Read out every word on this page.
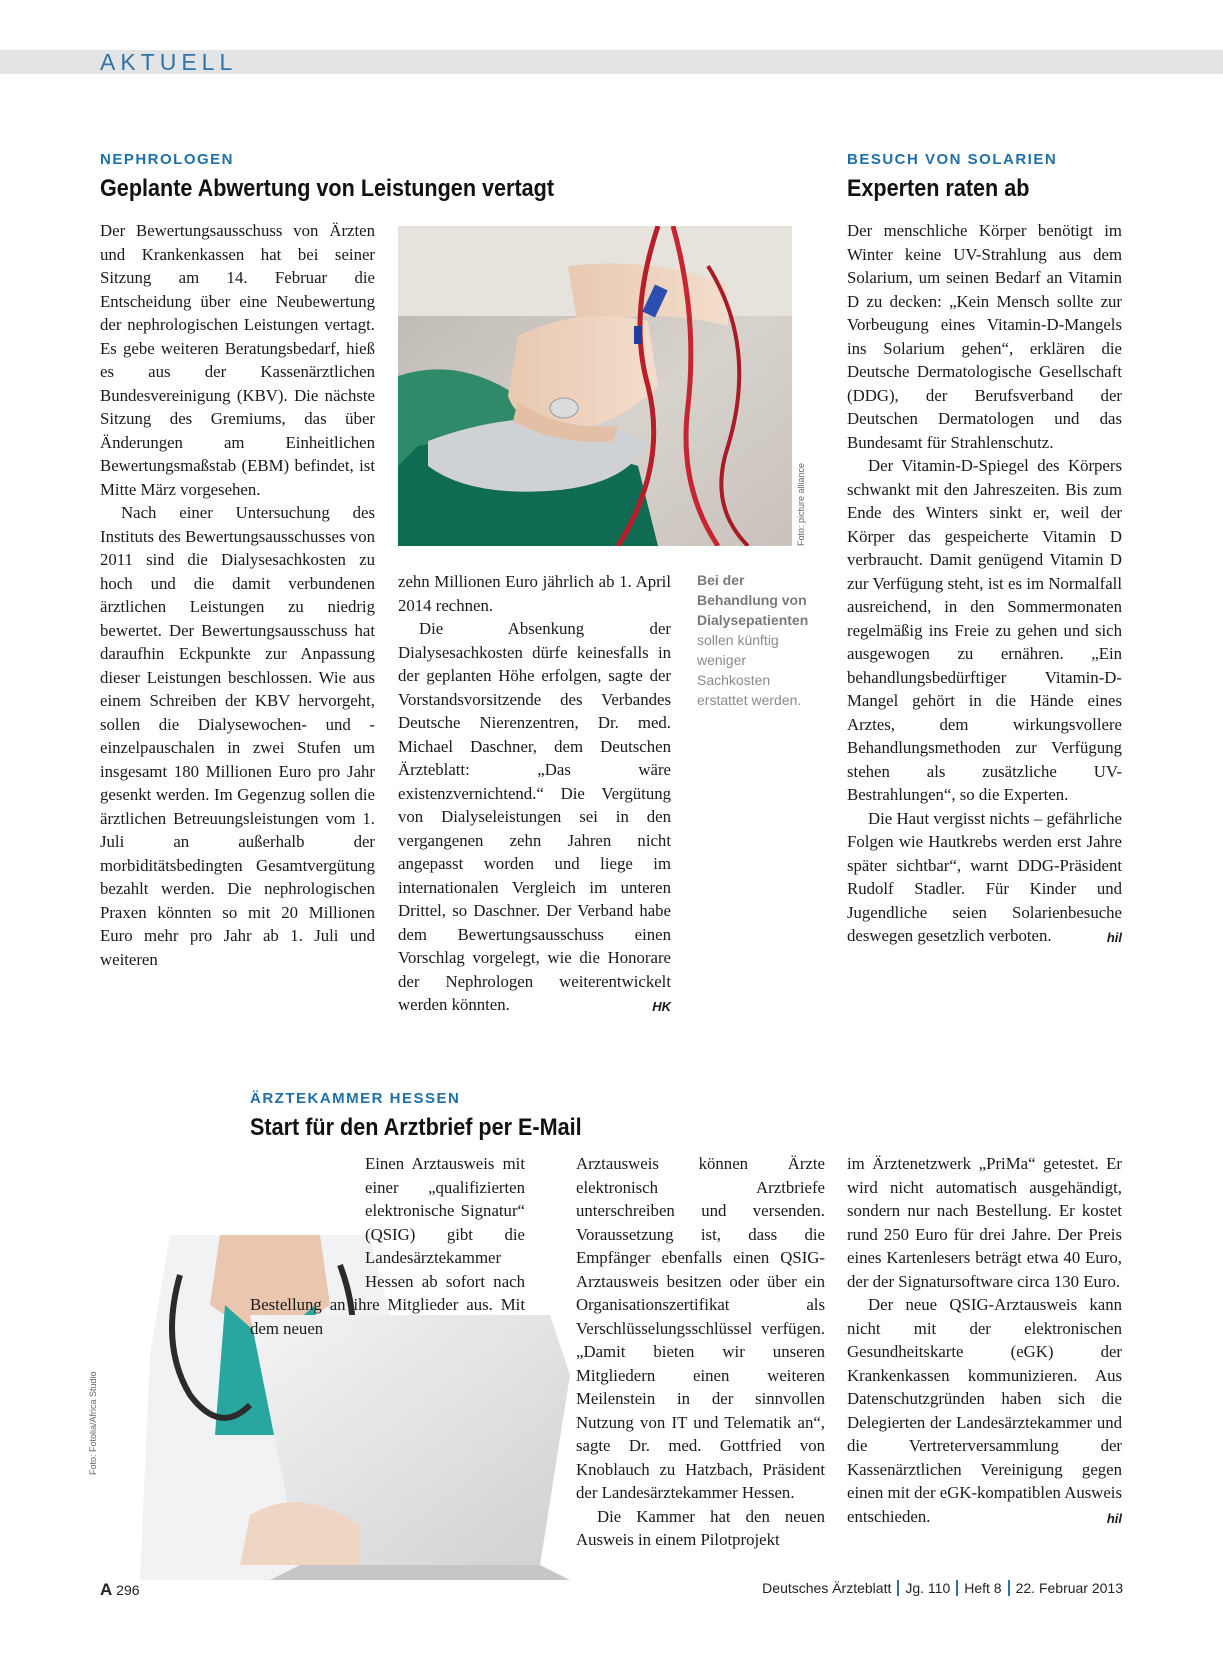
AKTUELL
NEPHROLOGEN
Geplante Abwertung von Leistungen vertagt

Der Bewertungsausschuss von Ärzten und Krankenkassen hat bei seiner Sitzung am 14. Februar die Entscheidung über eine Neubewertung der nephrologischen Leistungen vertagt. Es gebe weiteren Beratungsbedarf, hieß es aus der Kassenärztlichen Bundesvereinigung (KBV). Die nächste Sitzung des Gremiums, das über Änderungen am Einheitlichen Bewertungsmaßstab (EBM) befindet, ist Mitte März vorgesehen.

Nach einer Untersuchung des Instituts des Bewertungsausschusses von 2011 sind die Dialysesachkosten zu hoch und die damit verbundenen ärztlichen Leistungen zu niedrig bewertet. Der Bewertungsausschuss hat daraufhin Eckpunkte zur Anpassung dieser Leistungen beschlossen. Wie aus einem Schreiben der KBV hervorgeht, sollen die Dialysewochen- und -einzelpauschalen in zwei Stufen um insgesamt 180 Millionen Euro pro Jahr gesenkt werden. Im Gegenzug sollen die ärztlichen Betreuungsleistungen vom 1. Juli an außerhalb der morbiditätsbedingten Gesamtvergütung bezahlt werden. Die nephrologischen Praxen könnten so mit 20 Millionen Euro mehr pro Jahr ab 1. Juli und weiteren

Foto: picture alliance

zehn Millionen Euro jährlich ab 1. April 2014 rechnen.

Die Absenkung der Dialysesachkosten dürfe keinesfalls in der geplanten Höhe erfolgen, sagte der Vorstandsvorsitzende des Verbandes Deutsche Nierenzentren, Dr. med. Michael Daschner, dem Deutschen Ärzteblatt: „Das wäre existenzvernichtend.“ Die Vergütung von Dialyseleistungen sei in den vergangenen zehn Jahren nicht angepasst worden und liege im internationalen Vergleich im unteren Drittel, so Daschner. Der Verband habe dem Bewertungsausschuss einen Vorschlag vorgelegt, wie die Honorare der Nephrologen weiterentwickelt werden könnten.	HK

Bei der Behandlung von Dialysepatienten sollen künftig weniger Sachkosten erstattet werden.
BESUCH VON SOLARIEN
Experten raten ab

Der menschliche Körper benötigt im Winter keine UV-Strahlung aus dem Solarium, um seinen Bedarf an Vitamin D zu decken: „Kein Mensch sollte zur Vorbeugung eines Vitamin-D-Mangels ins Solarium gehen“, erklären die Deutsche Dermatologische Gesellschaft (DDG), der Berufsverband der Deutschen Dermatologen und das Bundesamt für Strahlenschutz.

Der Vitamin-D-Spiegel des Körpers schwankt mit den Jahreszeiten. Bis zum Ende des Winters sinkt er, weil der Körper das gespeicherte Vitamin D verbraucht. Damit genügend Vitamin D zur Verfügung steht, ist es im Normalfall ausreichend, in den Sommermonaten regelmäßig ins Freie zu gehen und sich ausgewogen zu ernähren. „Ein behandlungsbedürftiger Vitamin-D-Mangel gehört in die Hände eines Arztes, dem wirkungsvollere Behandlungsmethoden zur Verfügung stehen als zusätzliche UV-Bestrahlungen“, so die Experten.

Die Haut vergisst nichts – gefährliche Folgen wie Hautkrebs werden erst Jahre später sichtbar“, warnt DDG-Präsident Rudolf Stadler. Für Kinder und Jugendliche seien Solarienbesuche deswegen gesetzlich verboten.	hil

ÄRZTEKAMMER HESSEN
Start für den Arztbrief per E-Mail
Foto: Fotolia/Africa Studio

Einen Arztausweis mit einer „qualifizierten elektronische Signatur“ (QSIG) gibt die Landesärztekammer Hessen ab sofort nach Bestellung an ihre Mitglieder aus. Mit dem neuen

Arztausweis können Ärzte elektronisch Arztbriefe unterschreiben und versenden. Voraussetzung ist, dass die Empfänger ebenfalls einen QSIG-Arztausweis besitzen oder über ein Organisationszertifikat als Verschlüsselungsschlüssel verfügen. „Damit bieten wir unseren Mitgliedern einen weiteren Meilenstein in der sinnvollen Nutzung von IT und Telematik an“, sagte Dr. med. Gottfried von Knoblauch zu Hatzbach, Präsident der Landesärztekammer Hessen.

Die Kammer hat den neuen Ausweis in einem Pilotprojekt

im Ärztenetzwerk „PriMa“ getestet. Er wird nicht automatisch ausgehändigt, sondern nur nach Bestellung. Er kostet rund 250 Euro für drei Jahre. Der Preis eines Kartenlesers beträgt etwa 40 Euro, der der Signatursoftware circa 130 Euro.

Der neue QSIG-Arztausweis kann nicht mit der elektronischen Gesundheitskarte (eGK) der Krankenkassen kommunizieren. Aus Datenschutzgründen haben sich die Delegierten der Landesärztekammer und die Vertreterversammlung der Kassenärztlichen Vereinigung gegen einen mit der eGK-kompatiblen Ausweis entschieden.	hil

A 296	Deutsches Ärzteblatt Jg. 110 Heft 8 22. Februar 2013
